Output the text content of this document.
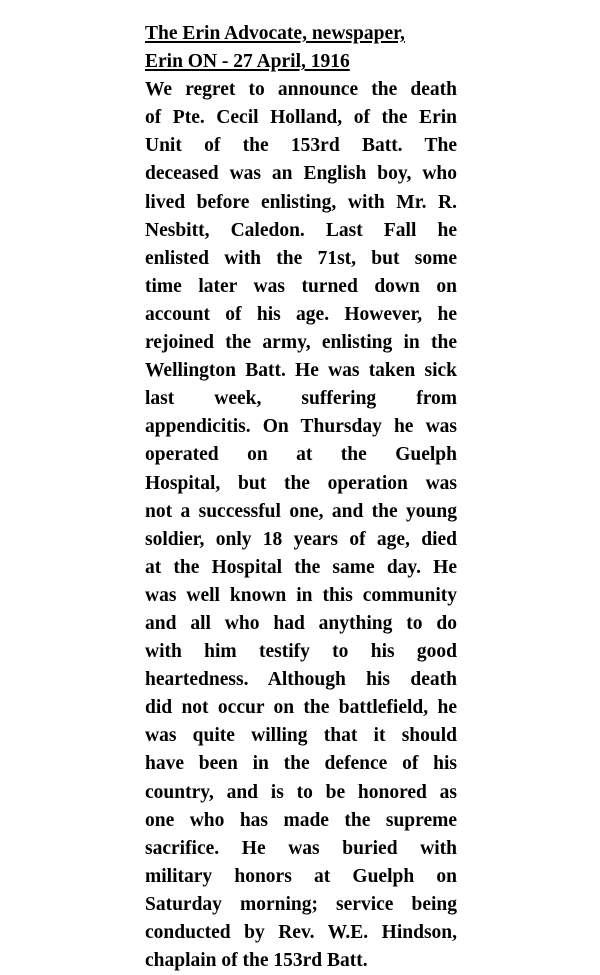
The Erin Advocate, newspaper,
Erin ON - 27 April, 1916
We regret to announce the death
of Pte. Cecil Holland, of the Erin
Unit of the 153rd Batt. The
deceased was an English boy, who
lived before enlisting, with Mr. R.
Nesbitt, Caledon. Last Fall he
enlisted with the 71st, but some
time later was turned down on
account of his age. However, he
rejoined the army, enlisting in the
Wellington Batt. He was taken sick
last week, suffering from
appendicitis. On Thursday he was
operated on at the Guelph
Hospital, but the operation was
not a successful one, and the young
soldier, only 18 years of age, died
at the Hospital the same day. He
was well known in this community
and all who had anything to do
with him testify to his good
heartedness. Although his death
did not occur on the battlefield, he
was quite willing that it should
have been in the defence of his
country, and is to be honored as
one who has made the supreme
sacrifice. He was buried with
military honors at Guelph on
Saturday morning; service being
conducted by Rev. W.E. Hindson,
chaplain of the 153rd Batt.
